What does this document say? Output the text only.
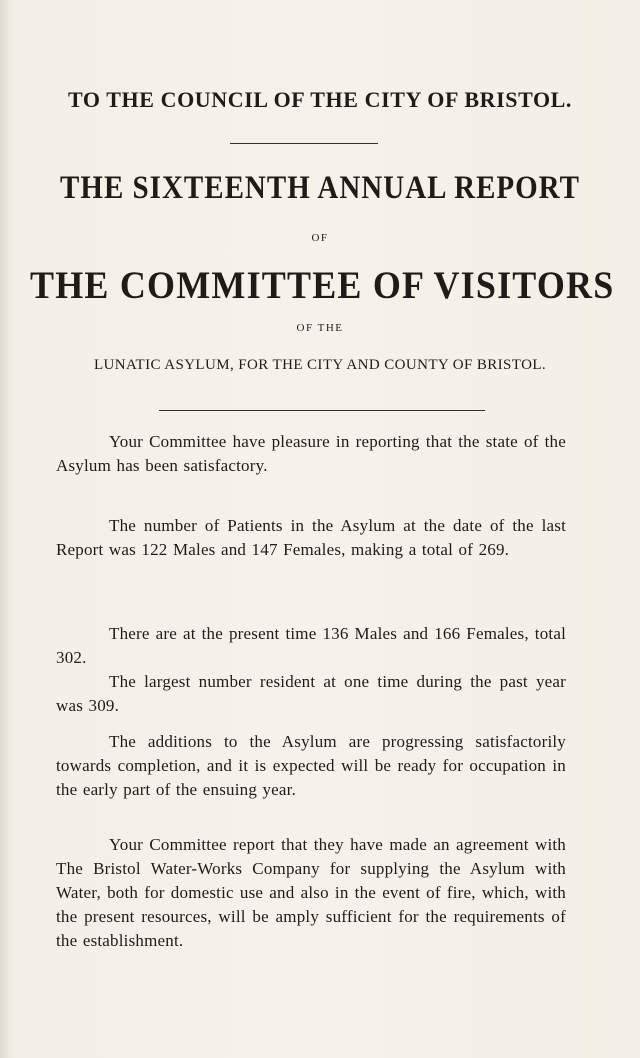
TO THE COUNCIL OF THE CITY OF BRISTOL.
THE SIXTEENTH ANNUAL REPORT
OF
THE COMMITTEE OF VISITORS
OF THE
LUNATIC ASYLUM, FOR THE CITY AND COUNTY OF BRISTOL.

Your Committee have pleasure in reporting that the state of the Asylum has been satisfactory.

The number of Patients in the Asylum at the date of the last Report was 122 Males and 147 Females, making a total of 269.

There are at the present time 136 Males and 166 Females, total 302.

The largest number resident at one time during the past year was 309.

The additions to the Asylum are progressing satisfactorily towards completion, and it is expected will be ready for occupation in the early part of the ensuing year.

Your Committee report that they have made an agreement with The Bristol Water-Works Company for supplying the Asylum with Water, both for domestic use and also in the event of fire, which, with the present resources, will be amply sufficient for the requirements of the establishment.
